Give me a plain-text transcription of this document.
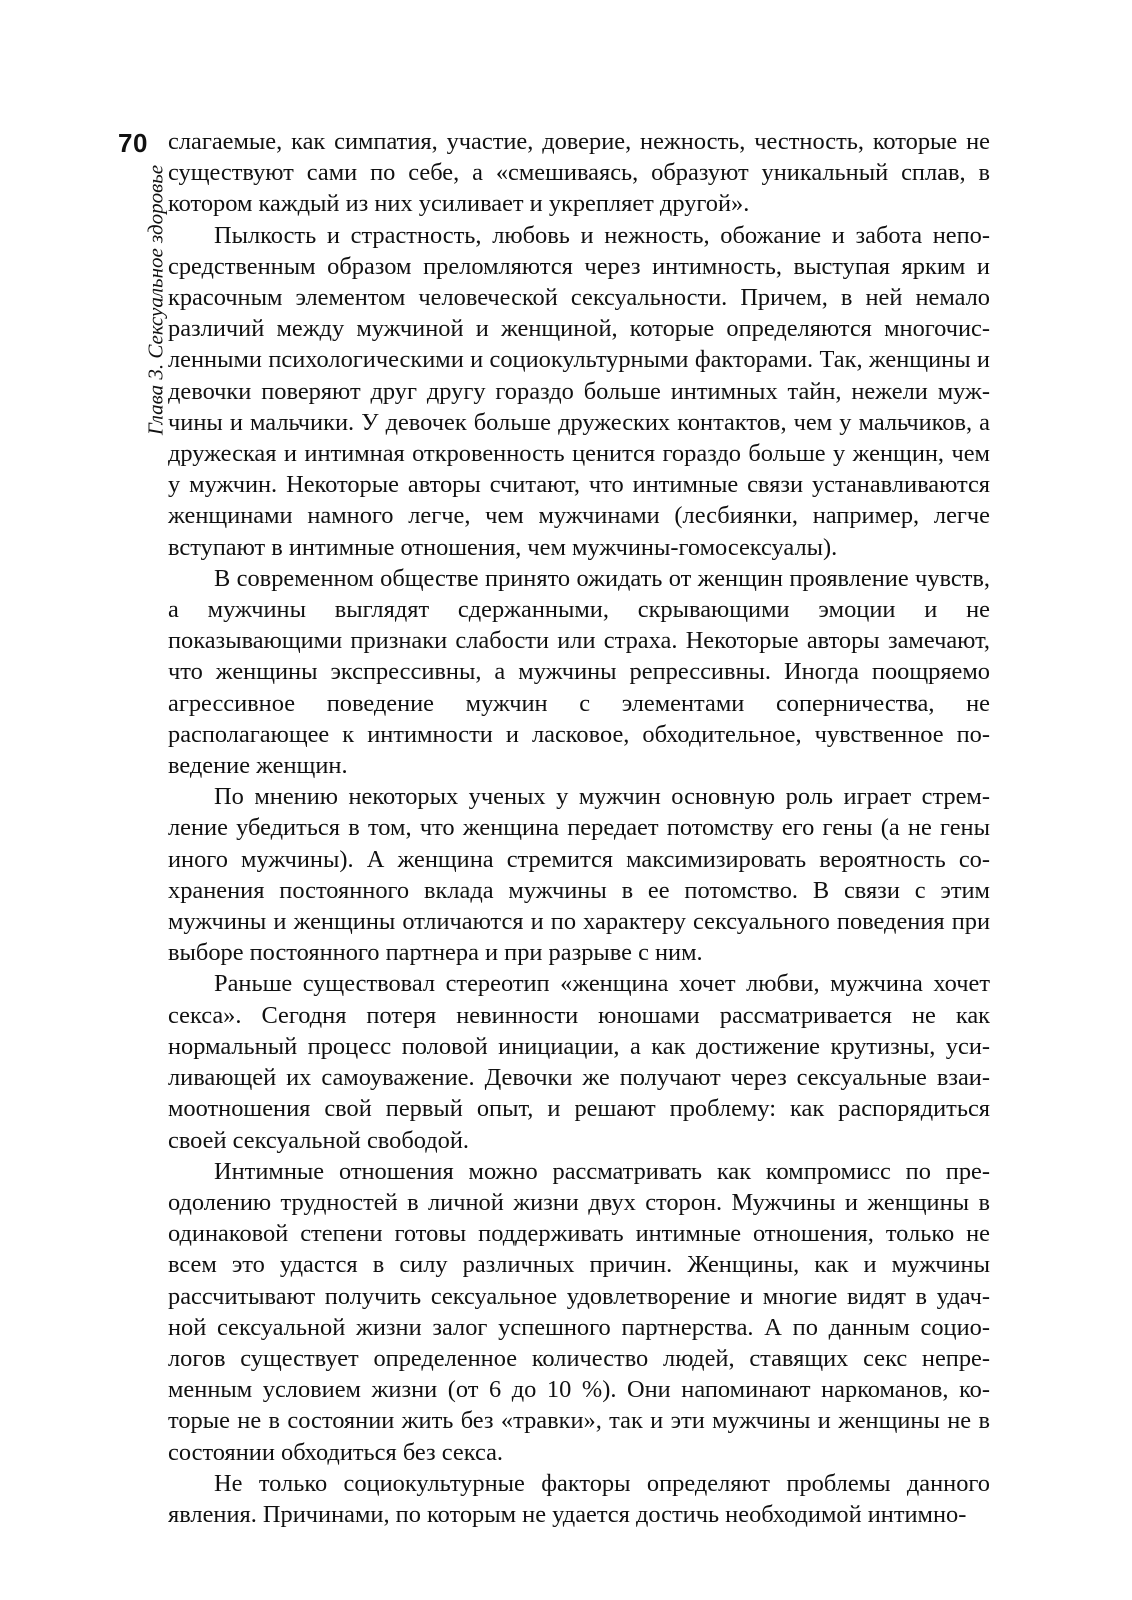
70
Глава 3. Сексуальное здоровье

слагаемые, как симпатия, участие, доверие, нежность, честность, которые не существуют сами по себе, а «смешиваясь, образуют уникальный сплав, в котором каждый из них усиливает и укрепляет другой».

Пылкость и страстность, любовь и нежность, обожание и забота непосредственным образом преломляются через интимность, выступая ярким и красочным элементом человеческой сексуальности. Причем, в ней немало различий между мужчиной и женщиной, которые определяются многочисленными психологическими и социокультурными факторами. Так, женщины и девочки поверяют друг другу гораздо больше интимных тайн, нежели мужчины и мальчики. У девочек больше дружеских контактов, чем у мальчиков, а дружеская и интимная откровенность ценится гораздо больше у женщин, чем у мужчин. Некоторые авторы считают, что интимные связи устанавливаются женщинами намного легче, чем мужчинами (лесбиянки, например, легче вступают в интимные отношения, чем мужчины-гомосексуалы).

В современном обществе принято ожидать от женщин проявление чувств, а мужчины выглядят сдержанными, скрывающими эмоции и не показывающими признаки слабости или страха. Некоторые авторы замечают, что женщины экспрессивны, а мужчины репрессивны. Иногда поощряемо агрессивное поведение мужчин с элементами соперничества, не располагающее к интимности и ласковое, обходительное, чувственное поведение женщин.

По мнению некоторых ученых у мужчин основную роль играет стремление убедиться в том, что женщина передает потомству его гены (а не гены иного мужчины). А женщина стремится максимизировать вероятность сохранения постоянного вклада мужчины в ее потомство. В связи с этим мужчины и женщины отличаются и по характеру сексуального поведения при выборе постоянного партнера и при разрыве с ним.

Раньше существовал стереотип «женщина хочет любви, мужчина хочет секса». Сегодня потеря невинности юношами рассматривается не как нормальный процесс половой инициации, а как достижение крутизны, усиливающей их самоуважение. Девочки же получают через сексуальные взаимоотношения свой первый опыт, и решают проблему: как распорядиться своей сексуальной свободой.

Интимные отношения можно рассматривать как компромисс по преодолению трудностей в личной жизни двух сторон. Мужчины и женщины в одинаковой степени готовы поддерживать интимные отношения, только не всем это удастся в силу различных причин. Женщины, как и мужчины рассчитывают получить сексуальное удовлетворение и многие видят в удачной сексуальной жизни залог успешного партнерства. А по данным социологов существует определенное количество людей, ставящих секс непременным условием жизни (от 6 до 10 %). Они напоминают наркоманов, которые не в состоянии жить без «травки», так и эти мужчины и женщины не в состоянии обходиться без секса.

Не только социокультурные факторы определяют проблемы данного явления. Причинами, по которым не удается достичь необходимой интимно-
